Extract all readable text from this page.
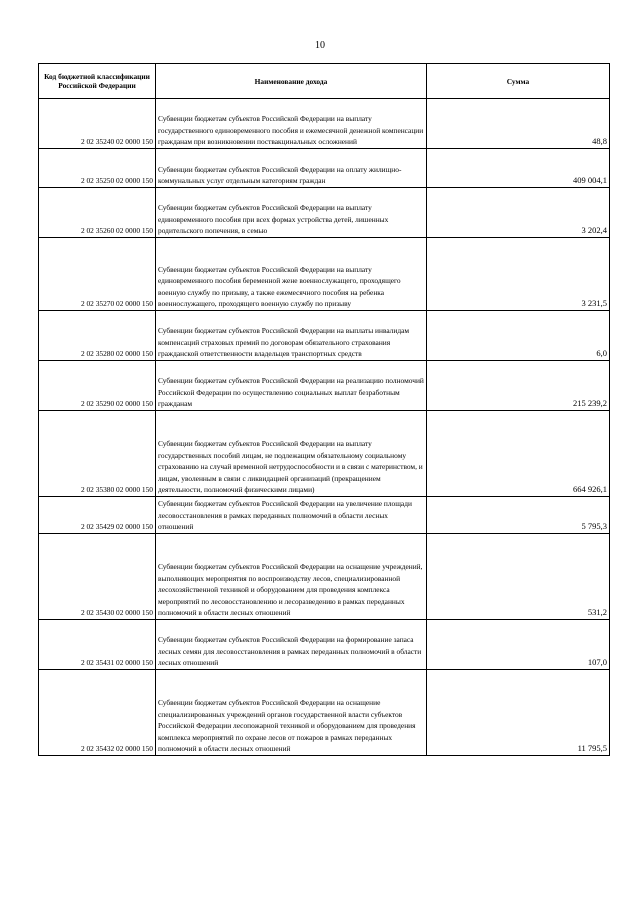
10
Код бюджетной классификации Российской Федерации	Наименование дохода	Сумма
2 02 35240 02 0000 150	Субвенции бюджетам субъектов Российской Федерации на выплату государственного единовременного пособия и ежемесячной денежной компенсации гражданам при возникновении поствакцинальных осложнений	48,8
2 02 35250 02 0000 150	Субвенции бюджетам субъектов Российской Федерации на оплату жилищно-коммунальных услуг отдельным категориям граждан	409 004,1
2 02 35260 02 0000 150	Субвенции бюджетам субъектов Российской Федерации на выплату единовременного пособия при всех формах устройства детей, лишенных родительского попечения, в семью	3 202,4
2 02 35270 02 0000 150	Субвенции бюджетам субъектов Российской Федерации на выплату единовременного пособия беременной жене военнослужащего, проходящего военную службу по призыву, а также ежемесячного пособия на ребенка военнослужащего, проходящего военную службу по призыву	3 231,5
2 02 35280 02 0000 150	Субвенции бюджетам субъектов Российской Федерации на выплаты инвалидам компенсаций страховых премий по договорам обязательного страхования гражданской ответственности владельцев транспортных средств	6,0
2 02 35290 02 0000 150	Субвенции бюджетам субъектов Российской Федерации на реализацию полномочий Российской Федерации по осуществлению социальных выплат безработным гражданам	215 239,2
2 02 35380 02 0000 150	Субвенции бюджетам субъектов Российской Федерации на выплату государственных пособий лицам, не подлежащим обязательному социальному страхованию на случай временной нетрудоспособности и в связи с материнством, и лицам, уволенным в связи с ликвидацией организаций (прекращением деятельности, полномочий физическими лицами)	664 926,1
2 02 35429 02 0000 150	Субвенции бюджетам субъектов Российской Федерации на увеличение площади лесовосстановления в рамках переданных полномочий в области лесных отношений	5 795,3
2 02 35430 02 0000 150	Субвенции бюджетам субъектов Российской Федерации на оснащение учреждений, выполняющих мероприятия по воспроизводству лесов, специализированной лесохозяйственной техникой и оборудованием для проведения комплекса мероприятий по лесовосстановлению и лесоразведению в рамках переданных полномочий в области лесных отношений	531,2
2 02 35431 02 0000 150	Субвенции бюджетам субъектов Российской Федерации на формирование запаса лесных семян для лесовосстановления в рамках переданных полномочий в области лесных отношений	107,0
2 02 35432 02 0000 150	Субвенции бюджетам субъектов Российской Федерации на оснащение специализированных учреждений органов государственной власти субъектов Российской Федерации лесопожарной техникой и оборудованием для проведения комплекса мероприятий по охране лесов от пожаров в рамках переданных полномочий в области лесных отношений	11 795,5
